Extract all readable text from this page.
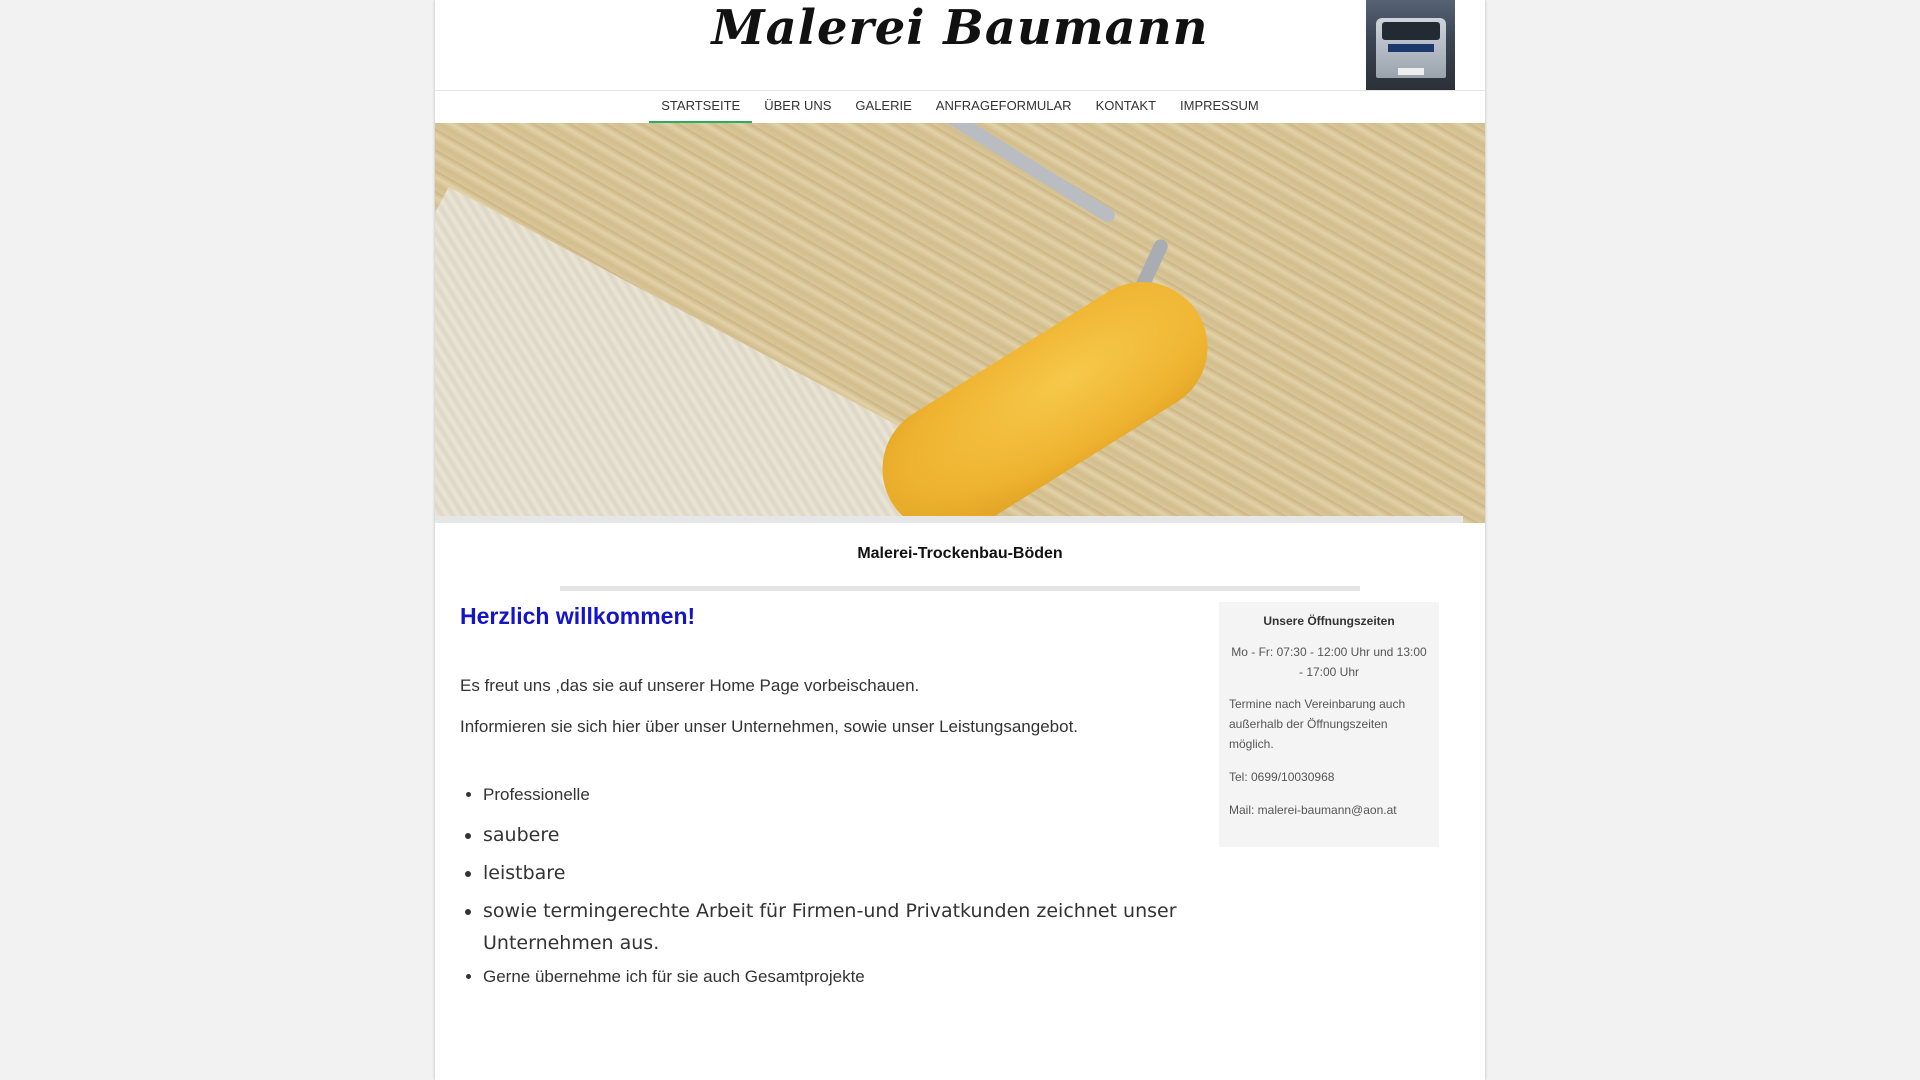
Malerei Baumann
STARTSEITE ÜBER UNS GALERIE ANFRAGEFORMULAR KONTAKT IMPRESSUM
Malerei-Trockenbau-Böden
Herzlich willkommen!

Es freut uns ,das sie auf unserer Home Page vorbeischauen.

Informieren sie sich hier über unser Unternehmen, sowie unser Leistungsangebot.

• Professionelle
• saubere
• leistbare
• sowie termingerechte Arbeit für Firmen-und Privatkunden zeichnet unser Unternehmen aus.
• Gerne übernehme ich für sie auch Gesamtprojekte
Unsere Öffnungszeiten
Mo - Fr: 07:30 - 12:00 Uhr und 13:00 - 17:00 Uhr
Termine nach Vereinbarung auch außerhalb der Öffnungszeiten möglich.
Tel: 0699/10030968
Mail: malerei-baumann@aon.at
